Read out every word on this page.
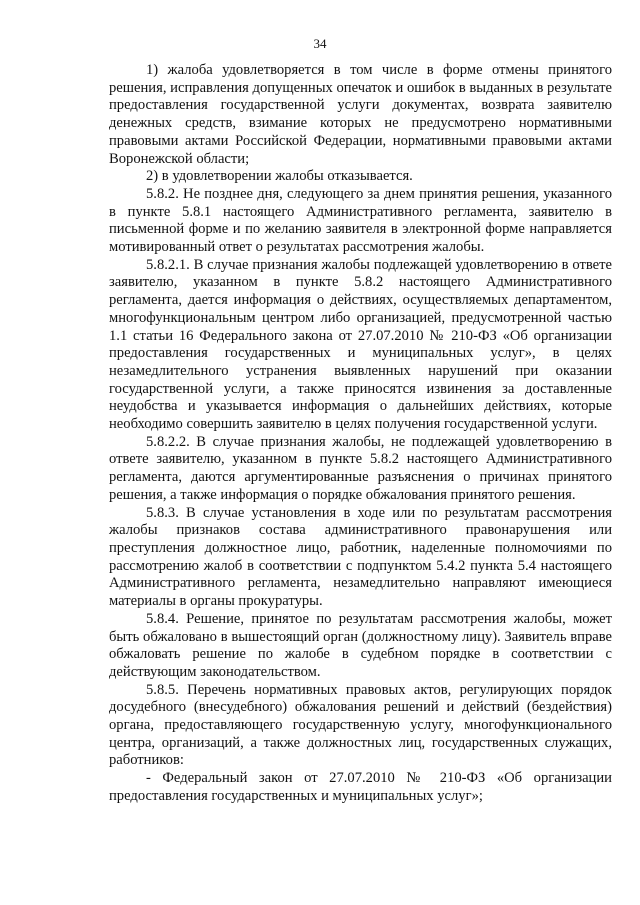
34

1) жалоба удовлетворяется в том числе в форме отмены принятого решения, исправления допущенных опечаток и ошибок в выданных в результате предоставления государственной услуги документах, возврата заявителю денежных средств, взимание которых не предусмотрено нормативными правовыми актами Российской Федерации, нормативными правовыми актами Воронежской области;

2) в удовлетворении жалобы отказывается.

5.8.2. Не позднее дня, следующего за днем принятия решения, указанного в пункте 5.8.1 настоящего Административного регламента, заявителю в письменной форме и по желанию заявителя в электронной форме направляется мотивированный ответ о результатах рассмотрения жалобы.

5.8.2.1. В случае признания жалобы подлежащей удовлетворению в ответе заявителю, указанном в пункте 5.8.2 настоящего Административного регламента, дается информация о действиях, осуществляемых департаментом, многофункциональным центром либо организацией, предусмотренной частью 1.1 статьи 16 Федерального закона от 27.07.2010 № 210-ФЗ «Об организации предоставления государственных и муниципальных услуг», в целях незамедлительного устранения выявленных нарушений при оказании государственной услуги, а также приносятся извинения за доставленные неудобства и указывается информация о дальнейших действиях, которые необходимо совершить заявителю в целях получения государственной услуги.

5.8.2.2. В случае признания жалобы, не подлежащей удовлетворению в ответе заявителю, указанном в пункте 5.8.2 настоящего Административного регламента, даются аргументированные разъяснения о причинах принятого решения, а также информация о порядке обжалования принятого решения.

5.8.3. В случае установления в ходе или по результатам рассмотрения жалобы признаков состава административного правонарушения или преступления должностное лицо, работник, наделенные полномочиями по рассмотрению жалоб в соответствии с подпунктом 5.4.2 пункта 5.4 настоящего Административного регламента, незамедлительно направляют имеющиеся материалы в органы прокуратуры.

5.8.4. Решение, принятое по результатам рассмотрения жалобы, может быть обжаловано в вышестоящий орган (должностному лицу). Заявитель вправе обжаловать решение по жалобе в судебном порядке в соответствии с действующим законодательством.

5.8.5. Перечень нормативных правовых актов, регулирующих порядок досудебного (внесудебного) обжалования решений и действий (бездействия) органа, предоставляющего государственную услугу, многофункционального центра, организаций, а также должностных лиц, государственных служащих, работников:

- Федеральный закон от 27.07.2010 № 210-ФЗ «Об организации предоставления государственных и муниципальных услуг»;
